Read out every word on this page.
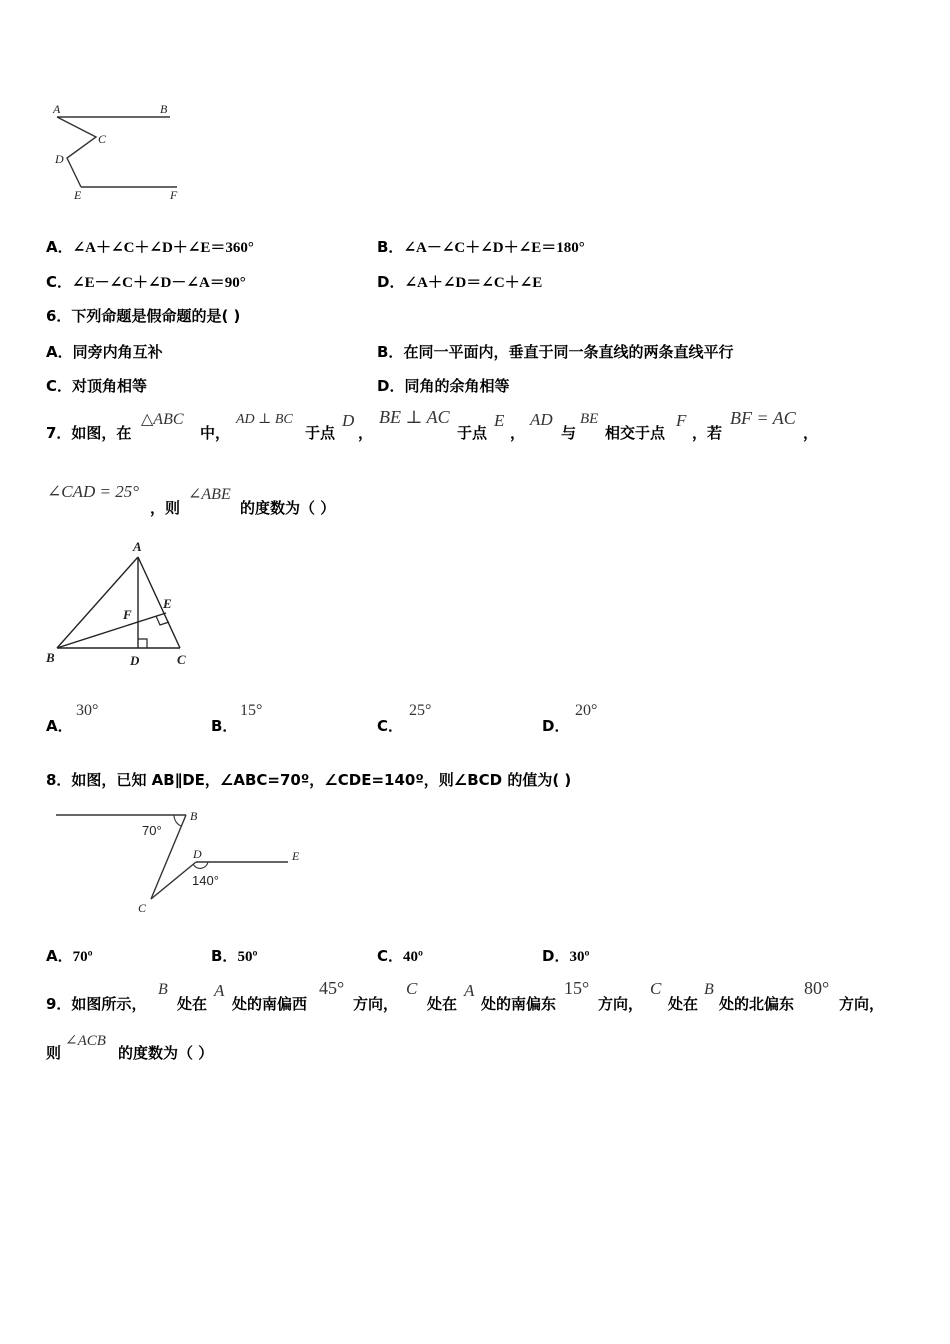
A	B
C
D
E	F
A．∠A＋∠C＋∠D＋∠E＝360°	B．∠A－∠C＋∠D＋∠E＝180°
C．∠E－∠C＋∠D－∠A＝90°	D．∠A＋∠D＝∠C＋∠E
6．下列命题是假命题的是( )
A．同旁内角互补	B．在同一平面内，垂直于同一条直线的两条直线平行
C．对顶角相等	D．同角的余角相等
7．如图，在
△ABC
中，
AD ⊥ BC
于点
D
，
BE ⊥ AC
于点
E
，
AD
与
BE
相交于点
F
，若
BF = AC
，
∠CAD = 25°
，则
∠ABE
的度数为（ ）
A
E
F
B	D	C
A．
30°
B．
15°
C．
25°
D．
20°
8．如图，已知 AB∥DE，∠ABC=70º，∠CDE=140º，则∠BCD 的值为( )
B
E
D
C
70°
140°
A．70º	B．50º	C．40º	D．30º
9．如图所示，
B
处在
A
处的南偏西
45°
方向，
C
处在
A
处的南偏东
15°
方向，
C
处在
B
处的北偏东
80°
方向，
则
∠ACB
的度数为（ ）
